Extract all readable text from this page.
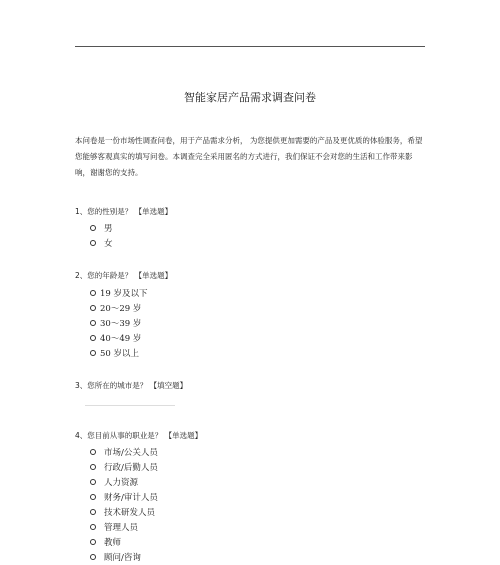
智能家居产品需求调查问卷
本问卷是一份市场性调查问卷，用于产品需求分析， 为您提供更加需要的产品及更优质的体验服务，希望您能够客观真实的填写问卷。本调查完全采用匿名的方式进行，我们保证不会对您的生活和工作带来影响，谢谢您的支持。
1、您的性别是？ 【单选题】
男
女
2、您的年龄是？ 【单选题】
19 岁及以下
20～29 岁
30～39 岁
40～49 岁
50 岁以上
3、您所在的城市是？ 【填空题】
4、您目前从事的职业是？ 【单选题】
市场/公关人员
行政/后勤人员
人力资源
财务/审计人员
技术研发人员
管理人员
教师
顾问/咨询
